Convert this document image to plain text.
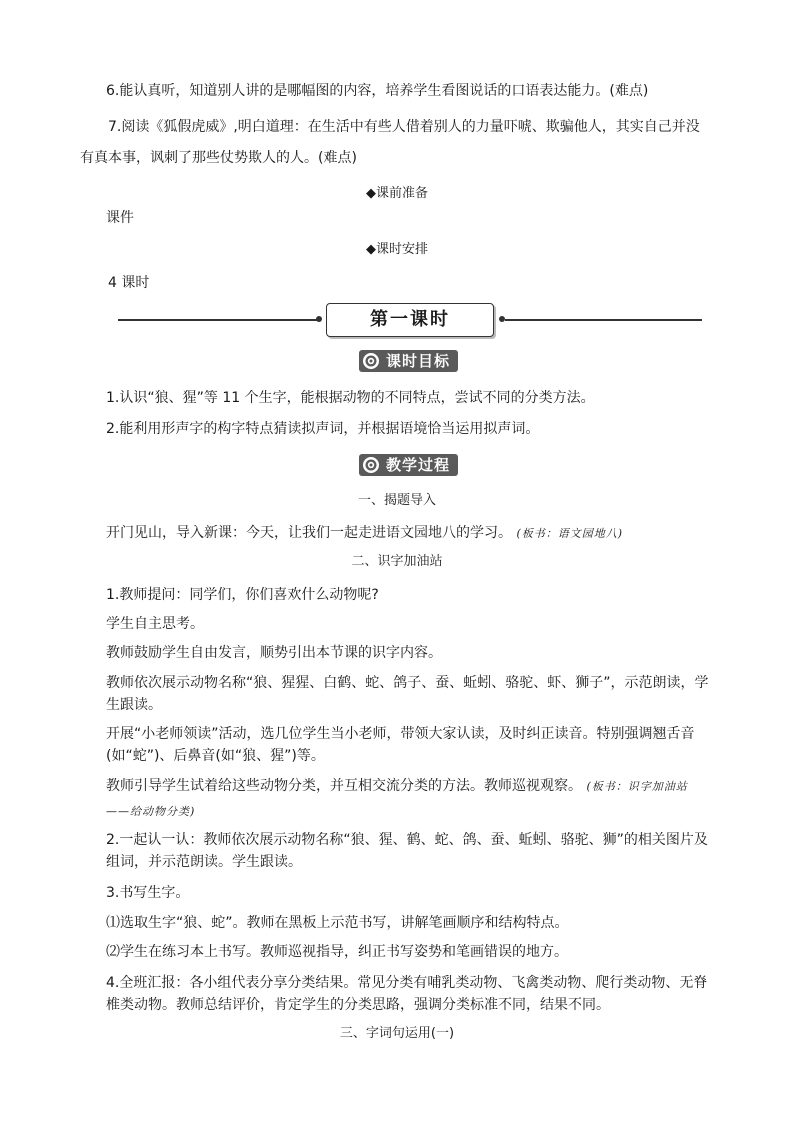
6.能认真听，知道别人讲的是哪幅图的内容，培养学生看图说话的口语表达能力。(难点)
7.阅读《狐假虎威》,明白道理：在生活中有些人借着别人的力量吓唬、欺骗他人，其实自己并没
有真本事，讽刺了那些仗势欺人的人。(难点)
◆课前准备
课件
◆课时安排
4 课时
第一课时
课时目标
1.认识“狼、猩”等 11 个生字，能根据动物的不同特点，尝试不同的分类方法。
2.能利用形声字的构字特点猜读拟声词，并根据语境恰当运用拟声词。
教学过程
一、揭题导入
开门见山，导入新课：今天，让我们一起走进语文园地八的学习。 (板书：语文园地八)
二、识字加油站
1.教师提问：同学们，你们喜欢什么动物呢?
学生自主思考。
教师鼓励学生自由发言，顺势引出本节课的识字内容。
教师依次展示动物名称“狼、猩猩、白鹤、蛇、鸽子、蚕、蚯蚓、骆驼、虾、狮子”，示范朗读，学生跟读。
开展“小老师领读”活动，选几位学生当小老师，带领大家认读，及时纠正读音。特别强调翘舌音(如“蛇”)、后鼻音(如“狼、猩”)等。
教师引导学生试着给这些动物分类，并互相交流分类的方法。教师巡视观察。 (板书：识字加油站
——给动物分类)
2.一起认一认：教师依次展示动物名称“狼、猩、鹤、蛇、鸽、蚕、蚯蚓、骆驼、狮”的相关图片及组词，并示范朗读。学生跟读。
3.书写生字。
⑴选取生字“狼、蛇”。教师在黑板上示范书写，讲解笔画顺序和结构特点。
⑵学生在练习本上书写。教师巡视指导，纠正书写姿势和笔画错误的地方。
4.全班汇报：各小组代表分享分类结果。常见分类有哺乳类动物、飞禽类动物、爬行类动物、无脊椎类动物。教师总结评价，肯定学生的分类思路，强调分类标准不同，结果不同。
三、字词句运用(一)
